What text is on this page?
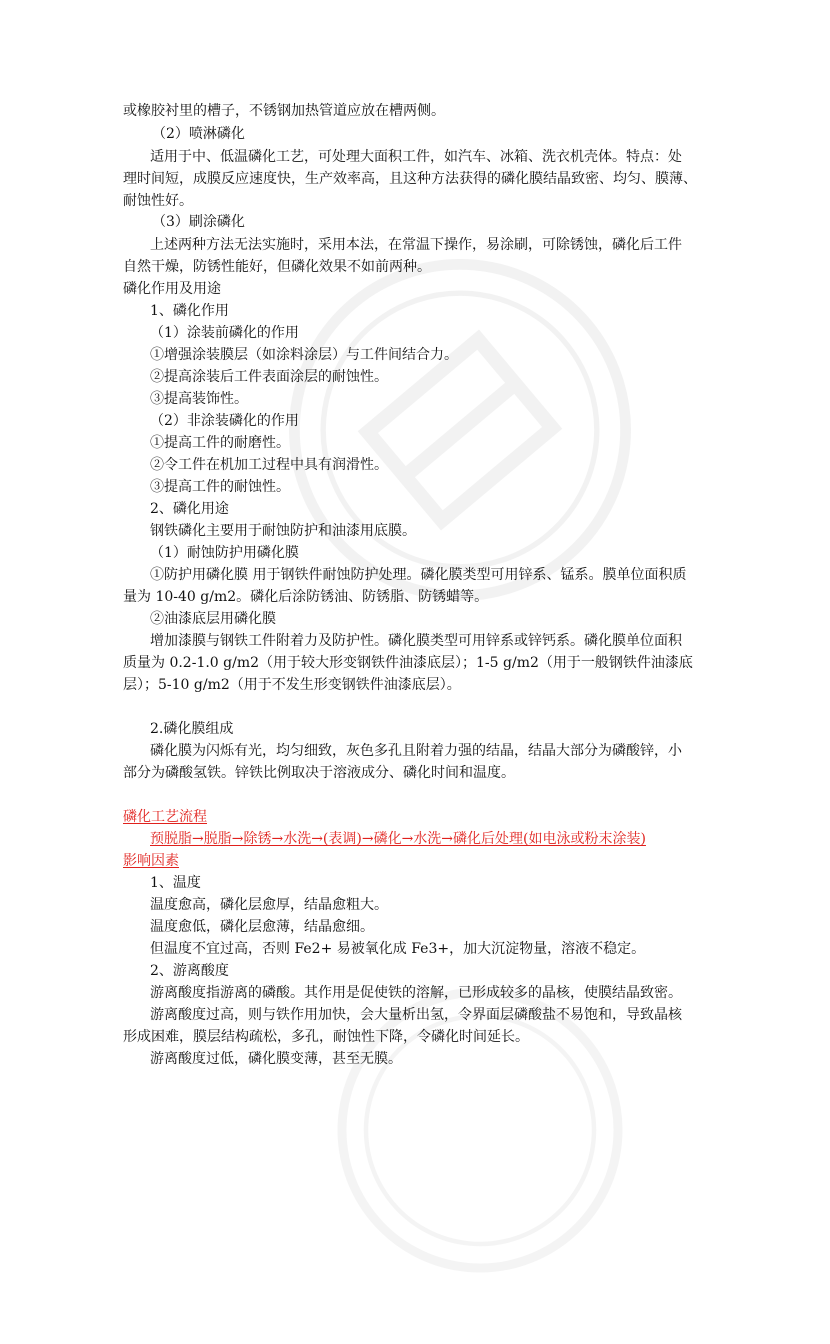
或橡胶衬里的槽子，不锈钢加热管道应放在槽两侧。
（2）喷淋磷化
适用于中、低温磷化工艺，可处理大面积工件，如汽车、冰箱、洗衣机壳体。特点：处
理时间短，成膜反应速度快，生产效率高，且这种方法获得的磷化膜结晶致密、均匀、膜薄、
耐蚀性好。
（3）刷涂磷化
上述两种方法无法实施时，采用本法，在常温下操作，易涂刷，可除锈蚀，磷化后工件
自然干燥，防锈性能好，但磷化效果不如前两种。
磷化作用及用途
1、磷化作用
（1）涂装前磷化的作用
①增强涂装膜层（如涂料涂层）与工件间结合力。
②提高涂装后工件表面涂层的耐蚀性。
③提高装饰性。
（2）非涂装磷化的作用
①提高工件的耐磨性。
②令工件在机加工过程中具有润滑性。
③提高工件的耐蚀性。
2、磷化用途
钢铁磷化主要用于耐蚀防护和油漆用底膜。
（1）耐蚀防护用磷化膜
①防护用磷化膜 用于钢铁件耐蚀防护处理。磷化膜类型可用锌系、锰系。膜单位面积质
量为 10-40 g/m2。磷化后涂防锈油、防锈脂、防锈蜡等。
②油漆底层用磷化膜
增加漆膜与钢铁工件附着力及防护性。磷化膜类型可用锌系或锌钙系。磷化膜单位面积
质量为 0.2-1.0 g/m2（用于较大形变钢铁件油漆底层）；1-5 g/m2（用于一般钢铁件油漆底
层）；5-10 g/m2（用于不发生形变钢铁件油漆底层）。
2.磷化膜组成
磷化膜为闪烁有光，均匀细致，灰色多孔且附着力强的结晶，结晶大部分为磷酸锌，小
部分为磷酸氢铁。锌铁比例取决于溶液成分、磷化时间和温度。
磷化工艺流程
预脱脂→脱脂→除锈→水洗→(表调)→磷化→水洗→磷化后处理(如电泳或粉末涂装)
影响因素
1、温度
温度愈高，磷化层愈厚，结晶愈粗大。
温度愈低，磷化层愈薄，结晶愈细。
但温度不宜过高，否则 Fe2+ 易被氧化成 Fe3+，加大沉淀物量，溶液不稳定。
2、游离酸度
游离酸度指游离的磷酸。其作用是促使铁的溶解，已形成较多的晶核，使膜结晶致密。
游离酸度过高，则与铁作用加快，会大量析出氢，令界面层磷酸盐不易饱和，导致晶核
形成困难，膜层结构疏松，多孔，耐蚀性下降，令磷化时间延长。
游离酸度过低，磷化膜变薄，甚至无膜。
